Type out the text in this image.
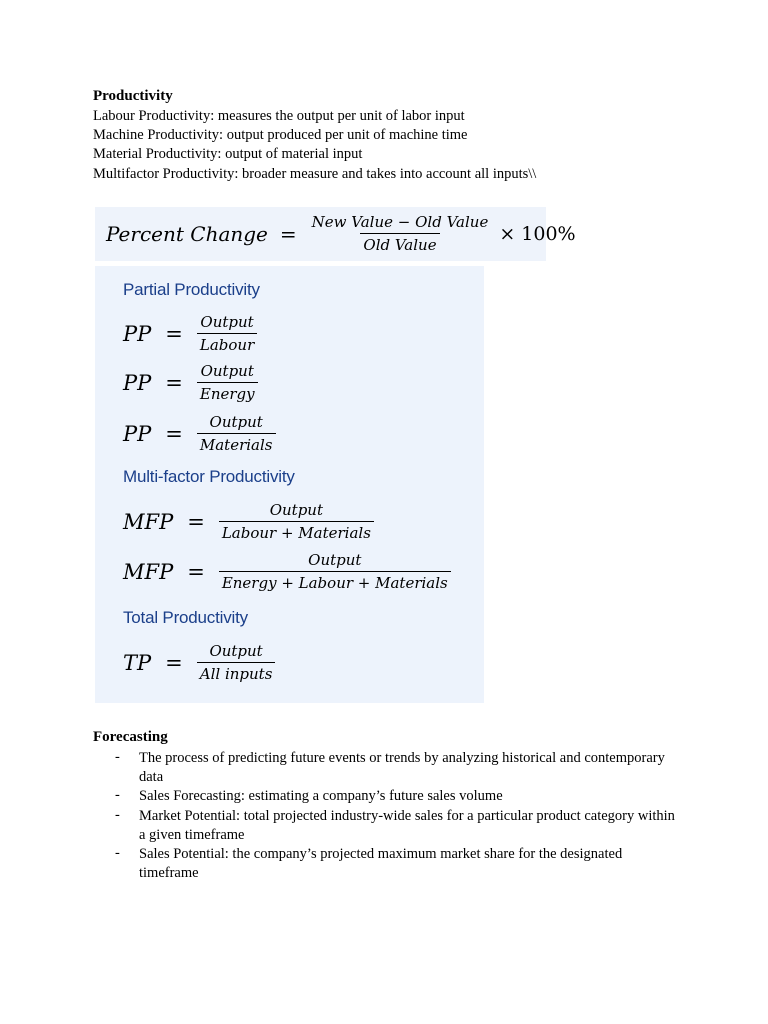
Productivity
Labour Productivity: measures the output per unit of labor input
Machine Productivity: output produced per unit of machine time
Material Productivity: output of material input
Multifactor Productivity: broader measure and takes into account all inputs\\
Percent Change = $\frac{\text{New Value − Old Value}}{\text{Old Value}} \times 100\%$
Partial Productivity
PP = $\frac{\text{Output}}{\text{Labour}}$
PP = $\frac{\text{Output}}{\text{Energy}}$
PP = $\frac{\text{Output}}{\text{Materials}}$
Multi-factor Productivity
MFP = $\frac{\text{Output}}{\text{Labour + Materials}}$
MFP = $\frac{\text{Output}}{\text{Energy + Labour + Materials}}$
Total Productivity
TP = $\frac{\text{Output}}{\text{All inputs}}$
Forecasting
- The process of predicting future events or trends by analyzing historical and contemporary data
- Sales Forecasting: estimating a company’s future sales volume
- Market Potential: total projected industry-wide sales for a particular product category within a given timeframe
- Sales Potential: the company’s projected maximum market share for the designated timeframe
